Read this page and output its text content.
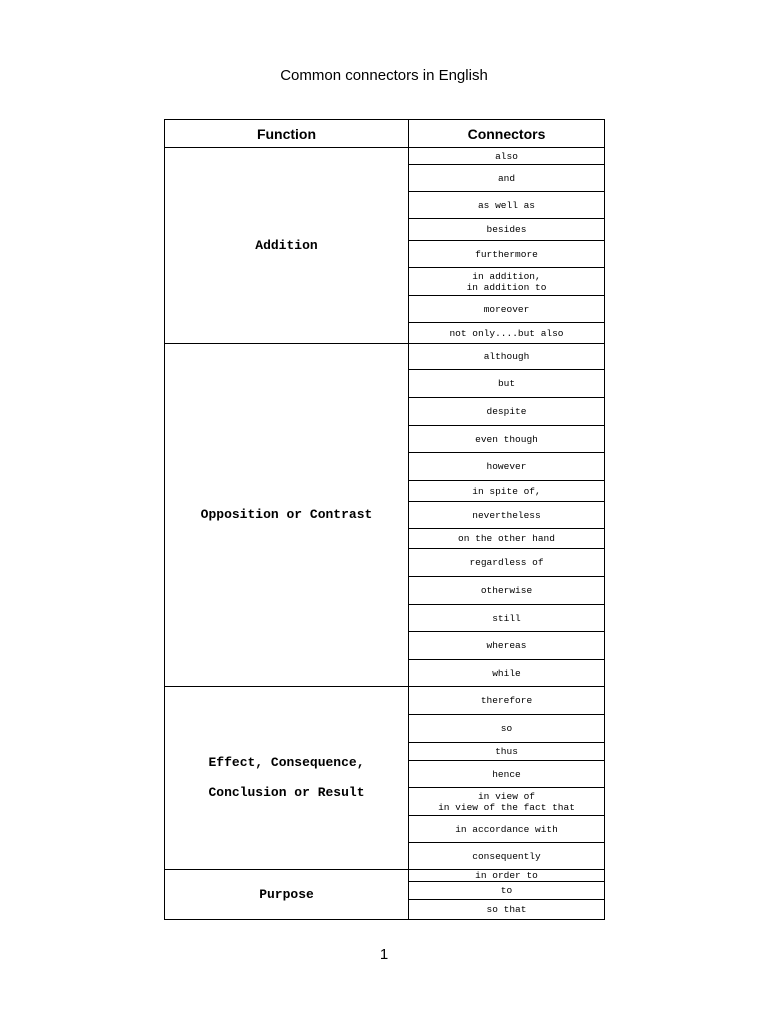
Common connectors in English
Function	Connectors

Addition	also

	and

	as well as

	besides

	furthermore

	in addition,
in addition to

	moreover

	not only....but also

Opposition or Contrast	although

	but

	despite

	even though

	however

	in spite of,

	nevertheless

	on the other hand

	regardless of

	otherwise

	still

	whereas

	while

Effect, Consequence,
Conclusion or Result	therefore

	so

	thus

	hence

	in view of
in view of the fact that

	in accordance with

	consequently

Purpose	in order to

	to

	so that
1
